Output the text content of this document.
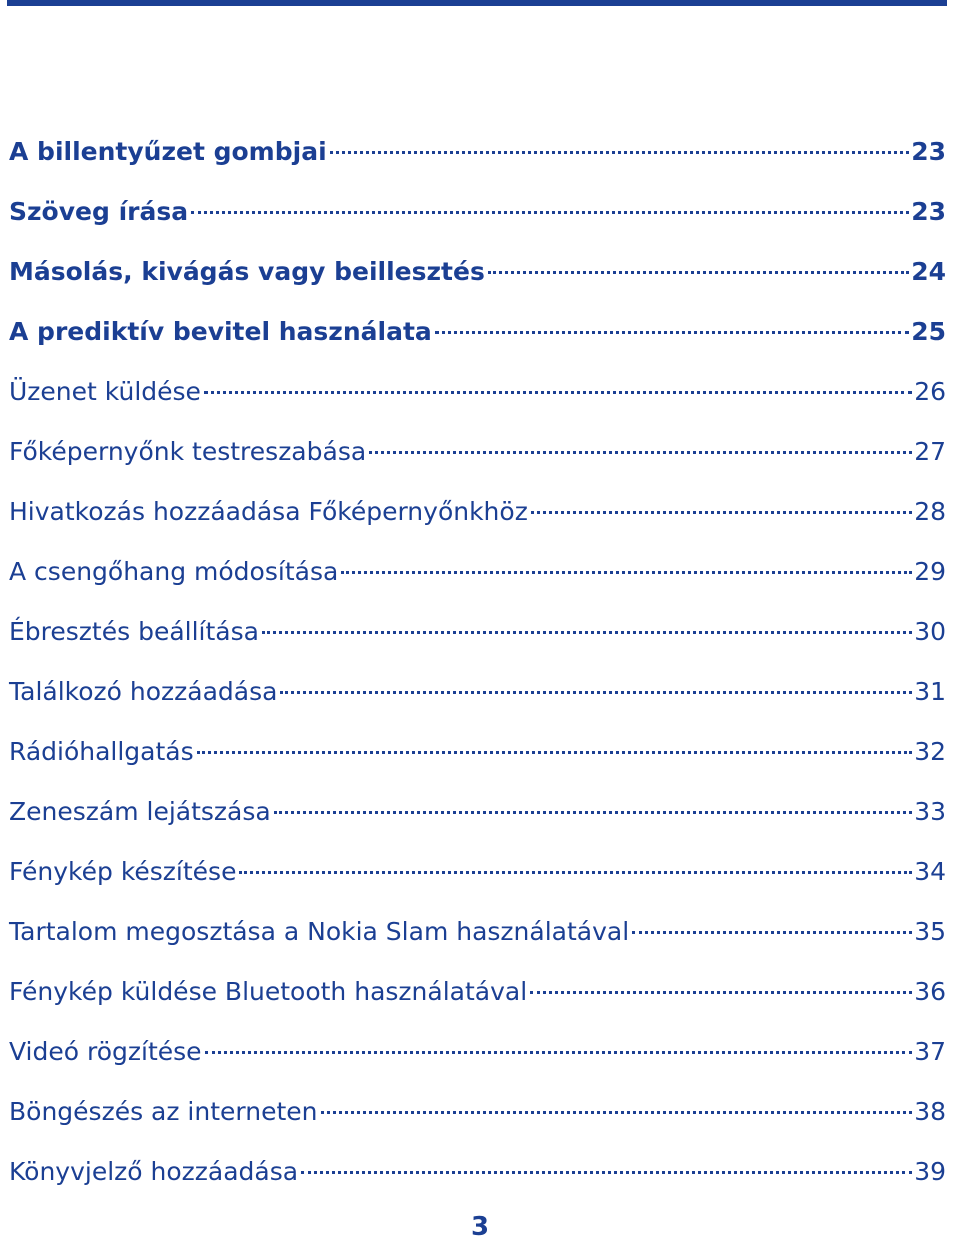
A billentyűzet gombjai	23
Szöveg írása	23
Másolás, kivágás vagy beillesztés	24
A prediktív bevitel használata	25
Üzenet küldése	26
Főképernyőnk testreszabása	27
Hivatkozás hozzáadása Főképernyőnkhöz	28
A csengőhang módosítása	29
Ébresztés beállítása	30
Találkozó hozzáadása	31
Rádióhallgatás	32
Zeneszám lejátszása	33
Fénykép készítése	34
Tartalom megosztása a Nokia Slam használatával	35
Fénykép küldése Bluetooth használatával	36
Videó rögzítése	37
Böngészés az interneten	38
Könyvjelző hozzáadása	39
3
